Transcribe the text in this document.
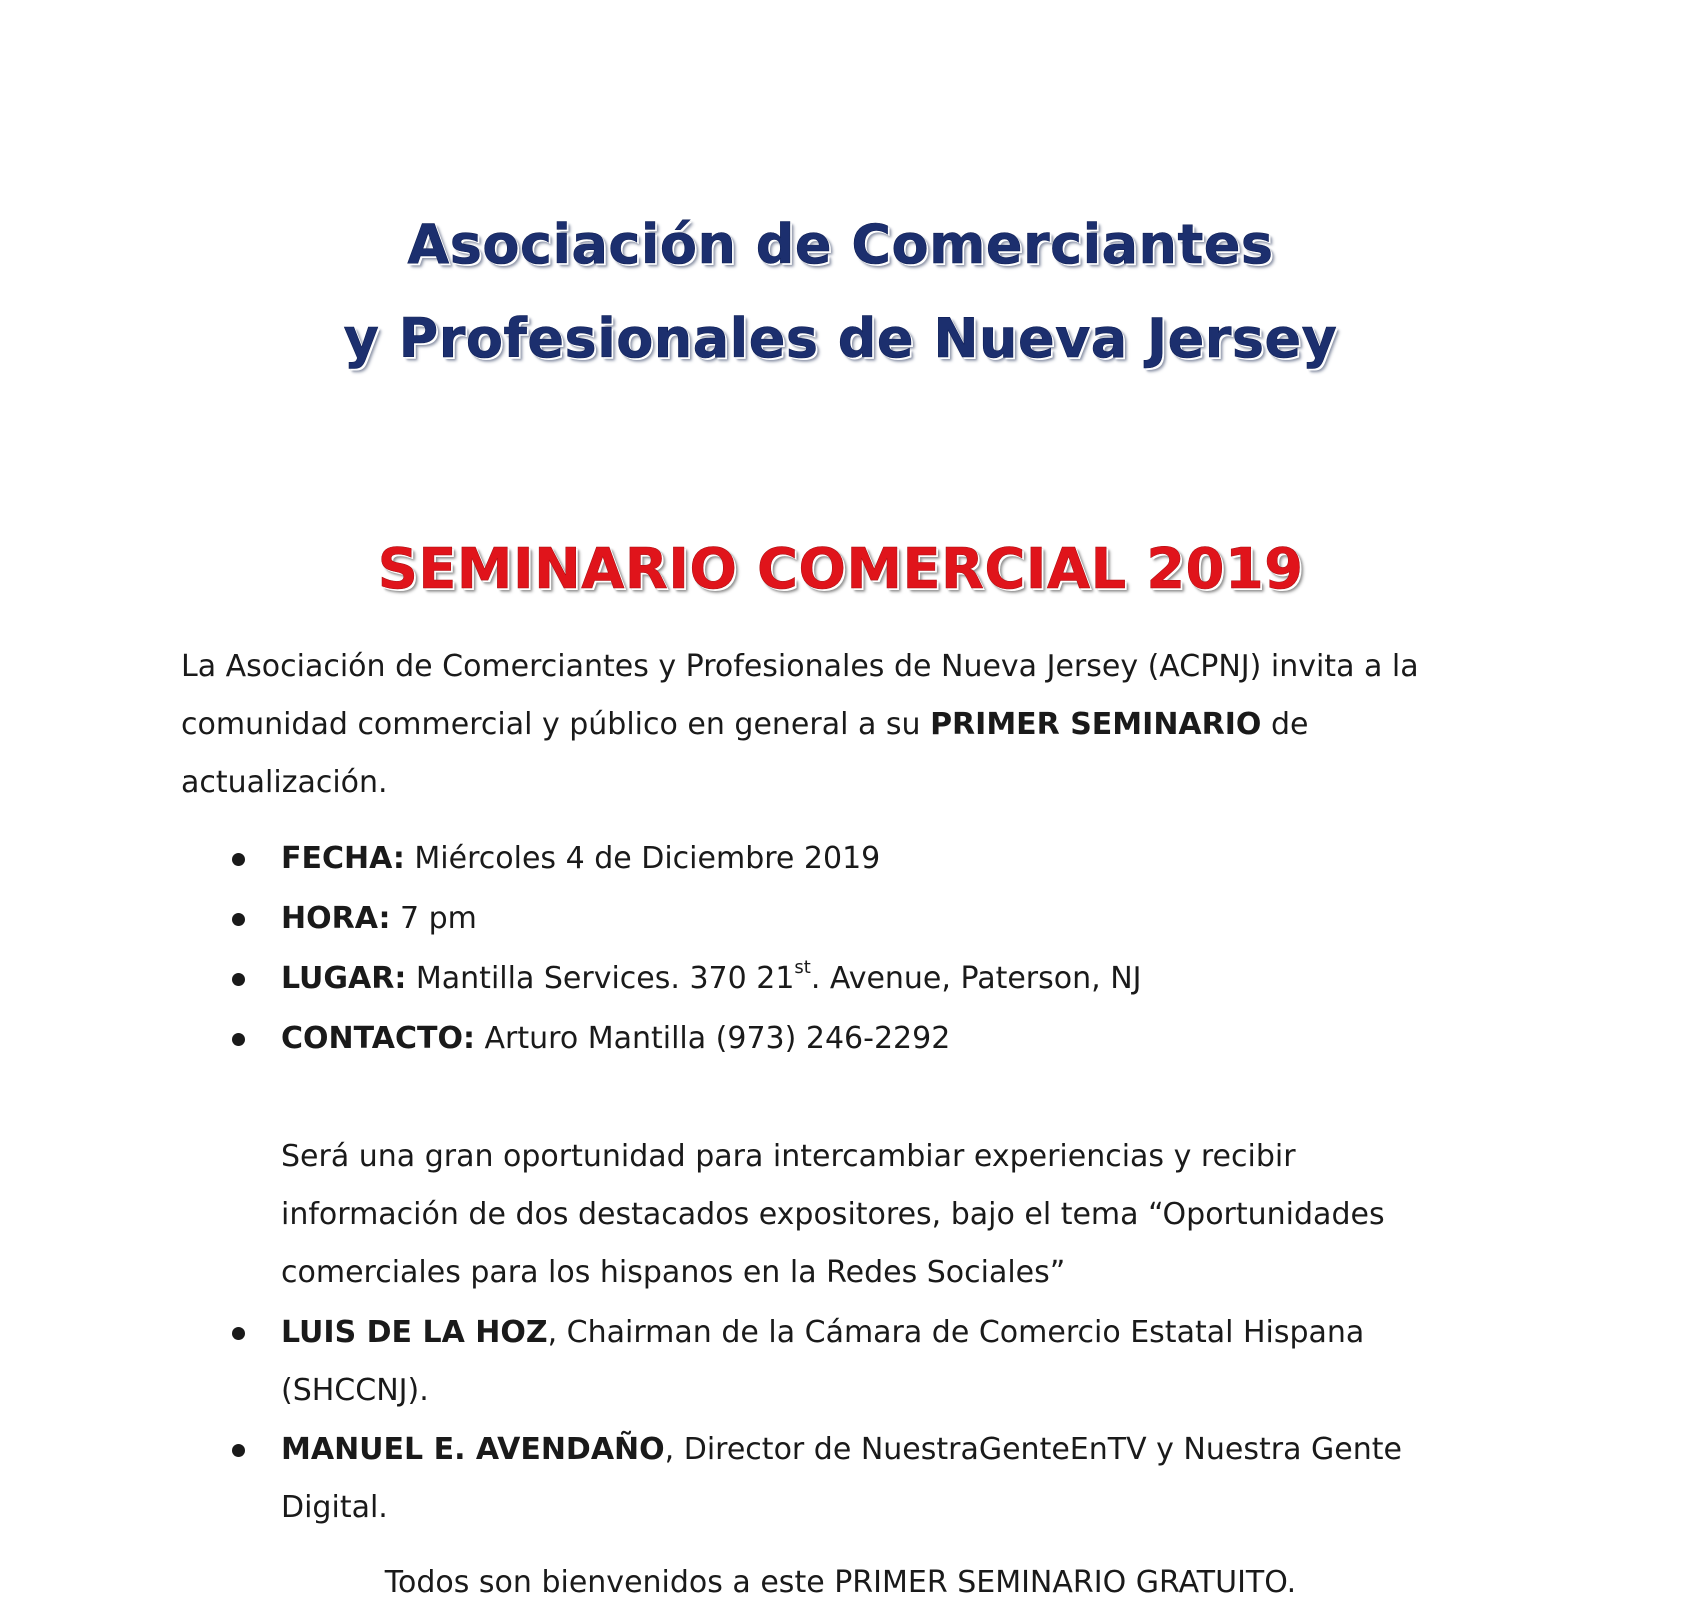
Asociación de Comerciantes
y Profesionales de Nueva Jersey
SEMINARIO COMERCIAL 2019

La Asociación de Comerciantes y Profesionales de Nueva Jersey (ACPNJ) invita a la
comunidad commercial y público en general a su PRIMER SEMINARIO de
actualización.

FECHA: Miércoles 4 de Diciembre 2019
HORA: 7 pm
LUGAR: Mantilla Services. 370 21st. Avenue, Paterson, NJ
CONTACTO: Arturo Mantilla (973) 246-2292
LUIS DE LA HOZ, Chairman de la Cámara de Comercio Estatal Hispana
(SHCCNJ).
MANUEL E. AVENDAÑO, Director de NuestraGenteEnTV y Nuestra Gente
Digital.
Será una gran oportunidad para intercambiar experiencias y recibir
información de dos destacados expositores, bajo el tema “Oportunidades
comerciales para los hispanos en la Redes Sociales”
Todos son bienvenidos a este PRIMER SEMINARIO GRATUITO.
